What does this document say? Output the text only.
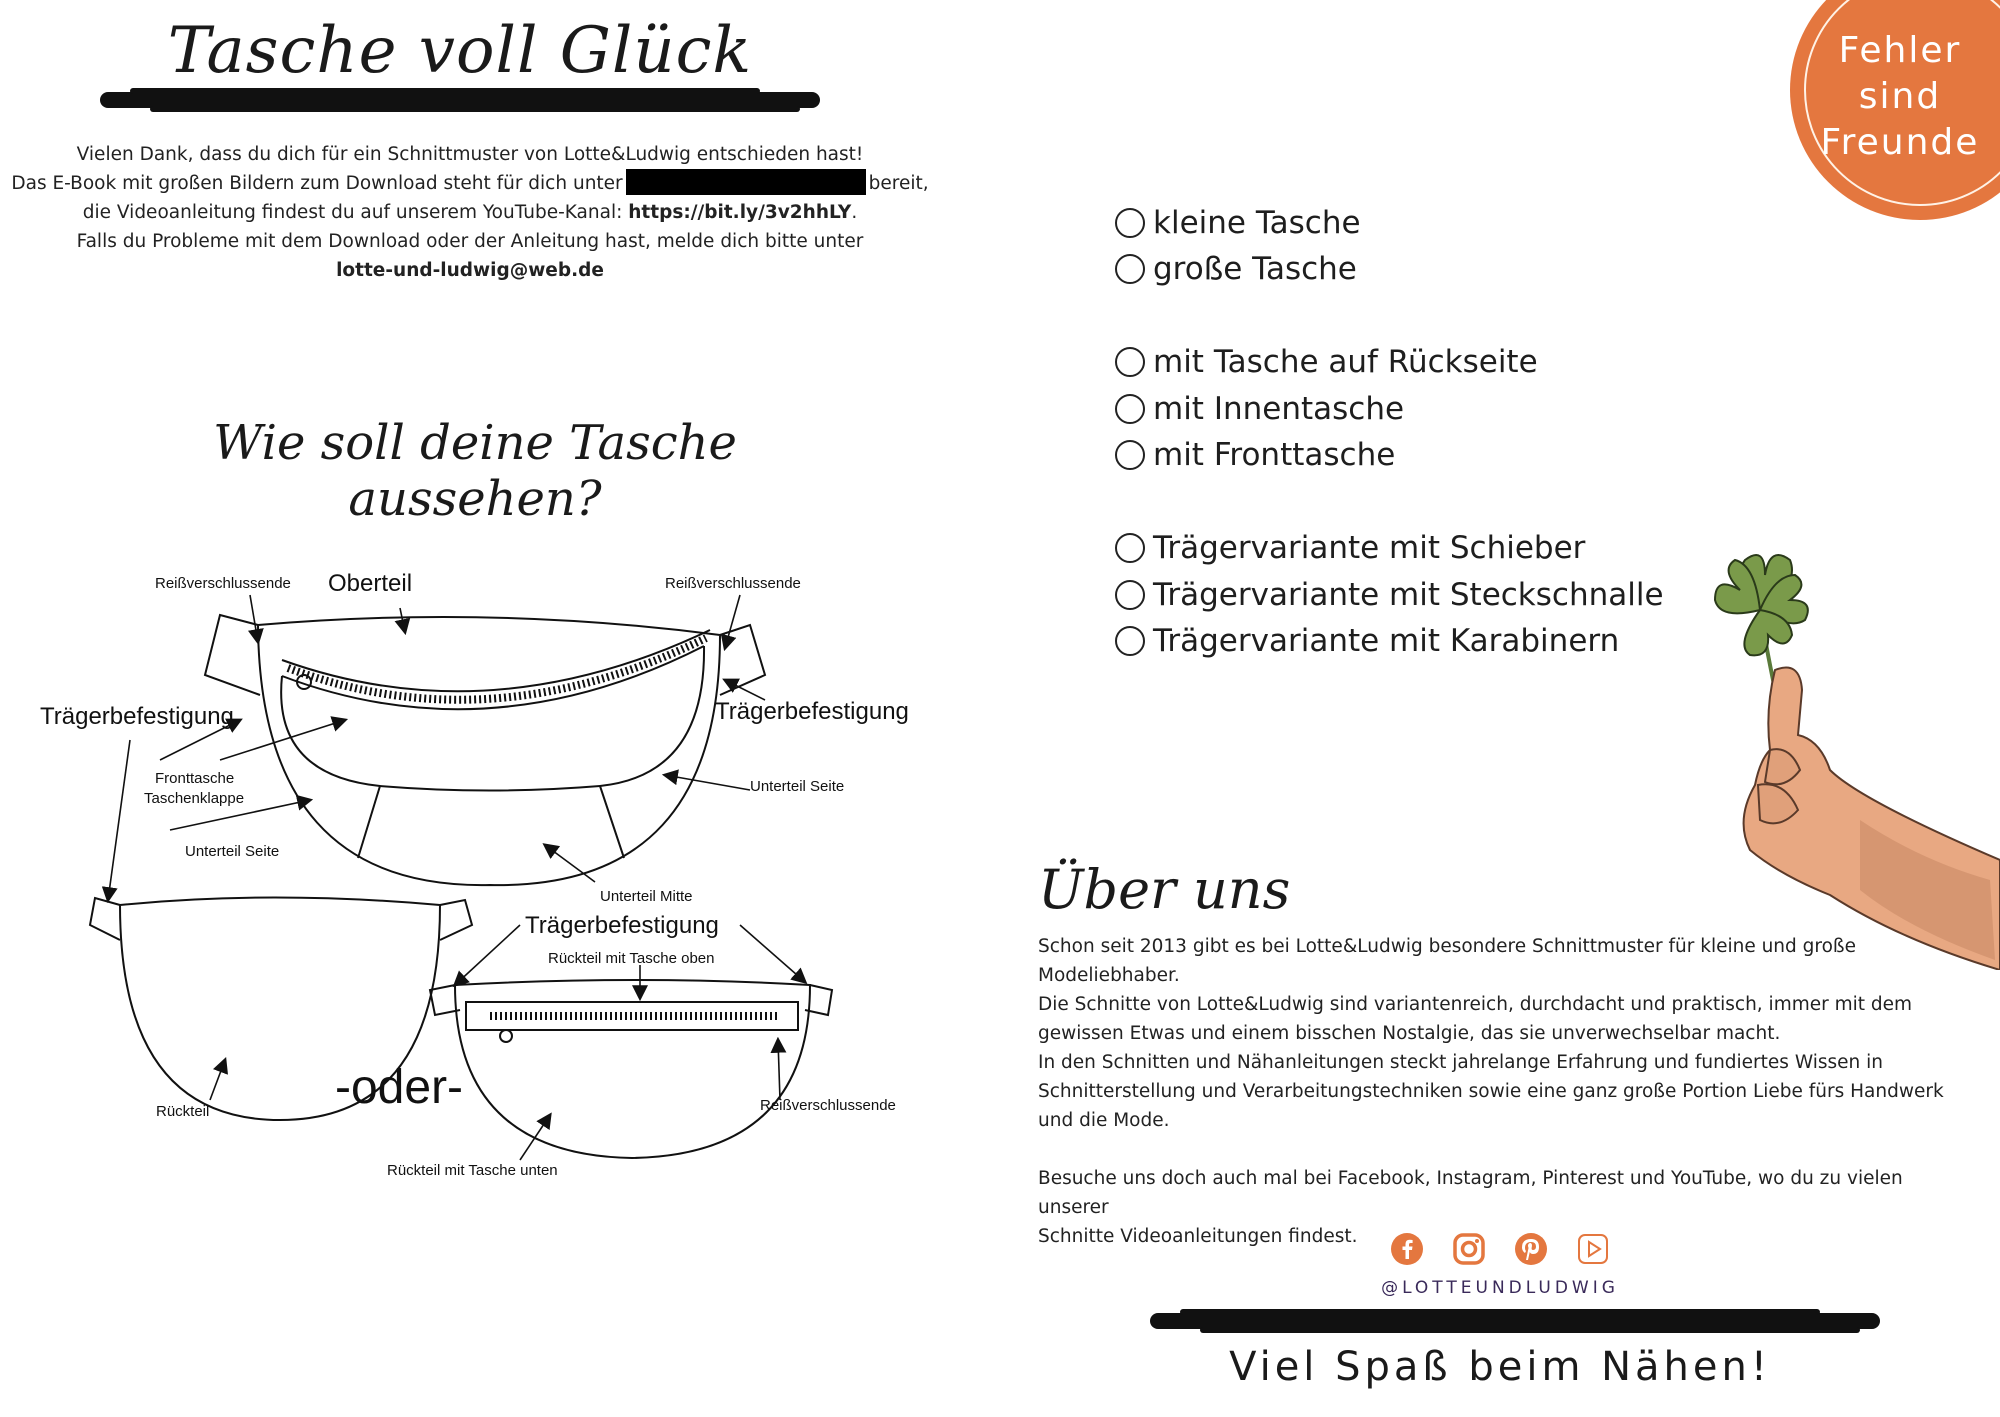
Tasche voll Glück
Vielen Dank, dass du dich für ein Schnittmuster von Lotte&Ludwig entschieden hast!
Das E-Book mit großen Bildern zum Download steht für dich unter	bereit,
die Videoanleitung findest du auf unserem YouTube-Kanal: https://bit.ly/3v2hhLY.
Falls du Probleme mit dem Download oder der Anleitung hast, melde dich bitte unter
lotte-und-ludwig@web.de
Wie soll deine Tasche aussehen?
Reißverschlussende Oberteil	Reißverschlussende
Trägerbefestigung	Trägerbefestigung
Fronttasche
Taschenklappe
Unterteil Seite
Unterteil Seite
Unterteil Mitte
Trägerbefestigung
Rückteil mit Tasche oben
-oder-
Rückteil	Reißverschlussende
Rückteil mit Tasche unten
Fehler
sind
Freunde
kleine Tasche
große Tasche
mit Tasche auf Rückseite
mit Innentasche
mit Fronttasche
Trägervariante mit Schieber
Trägervariante mit Steckschnalle
Trägervariante mit Karabinern
Über uns

Schon seit 2013 gibt es bei Lotte&Ludwig besondere Schnittmuster für kleine und große
Modeliebhaber.
Die Schnitte von Lotte&Ludwig sind variantenreich, durchdacht und praktisch, immer mit dem
gewissen Etwas und einem bisschen Nostalgie, das sie unverwechselbar macht.
In den Schnitten und Nähanleitungen steckt jahrelange Erfahrung und fundiertes Wissen in
Schnitterstellung und Verarbeitungstechniken sowie eine ganz große Portion Liebe fürs Handwerk
und die Mode.

Besuche uns doch auch mal bei Facebook, Instagram, Pinterest und YouTube, wo du zu vielen unserer
Schnitte Videoanleitungen findest.

@LOTTEUNDLUDWIG
Viel Spaß beim Nähen!
